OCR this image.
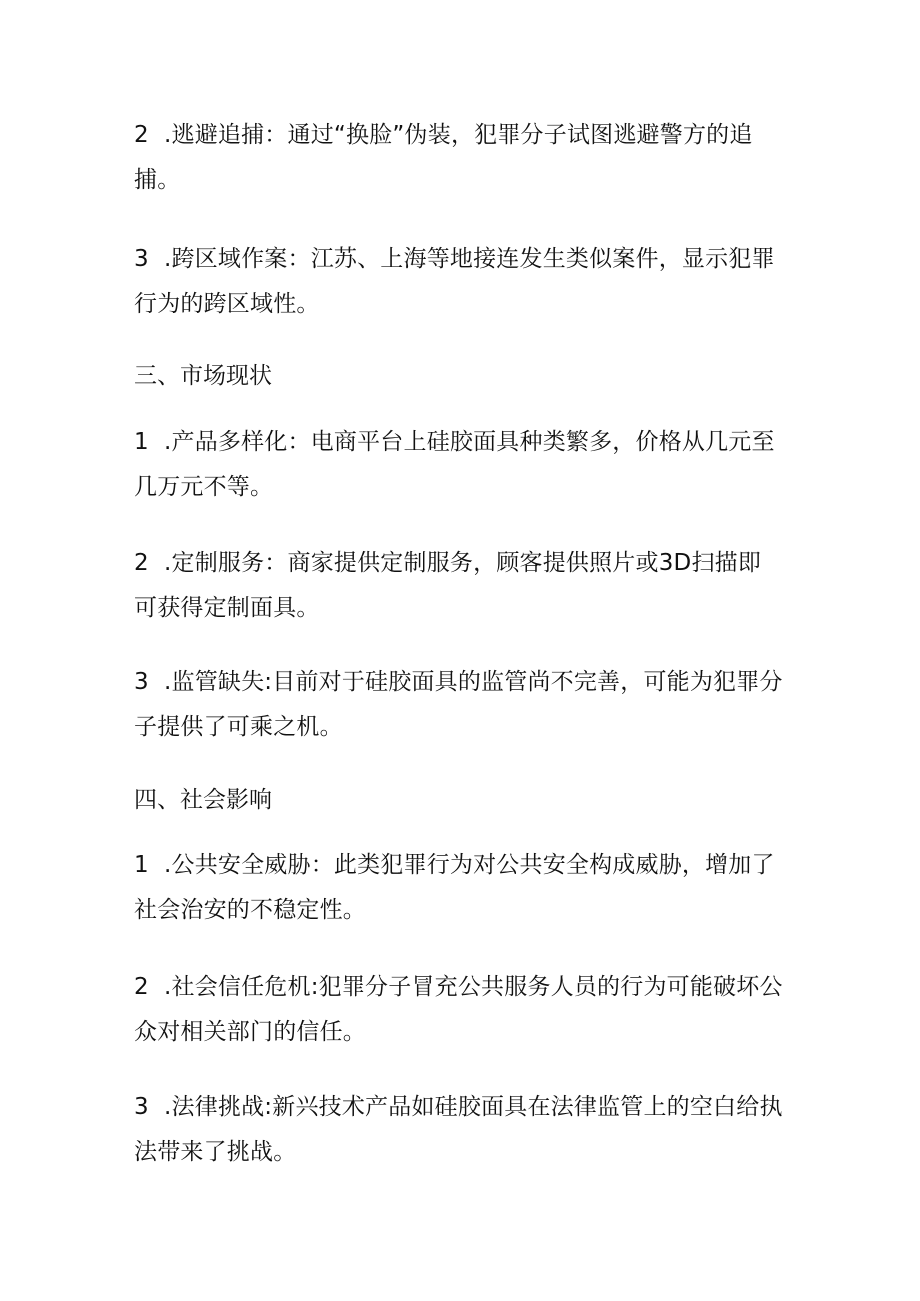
2 .逃避追捕：通过“换脸”伪装，犯罪分子试图逃避警方的追捕。

3 .跨区域作案：江苏、上海等地接连发生类似案件，显示犯罪行为的跨区域性。

三、市场现状

1 .产品多样化：电商平台上硅胶面具种类繁多，价格从几元至几万元不等。

2 .定制服务：商家提供定制服务，顾客提供照片或3D扫描即可获得定制面具。

3 .监管缺失:目前对于硅胶面具的监管尚不完善，可能为犯罪分子提供了可乘之机。

四、社会影响

1 .公共安全威胁：此类犯罪行为对公共安全构成威胁，增加了社会治安的不稳定性。

2 .社会信任危机:犯罪分子冒充公共服务人员的行为可能破坏公众对相关部门的信任。

3 .法律挑战:新兴技术产品如硅胶面具在法律监管上的空白给执法带来了挑战。
